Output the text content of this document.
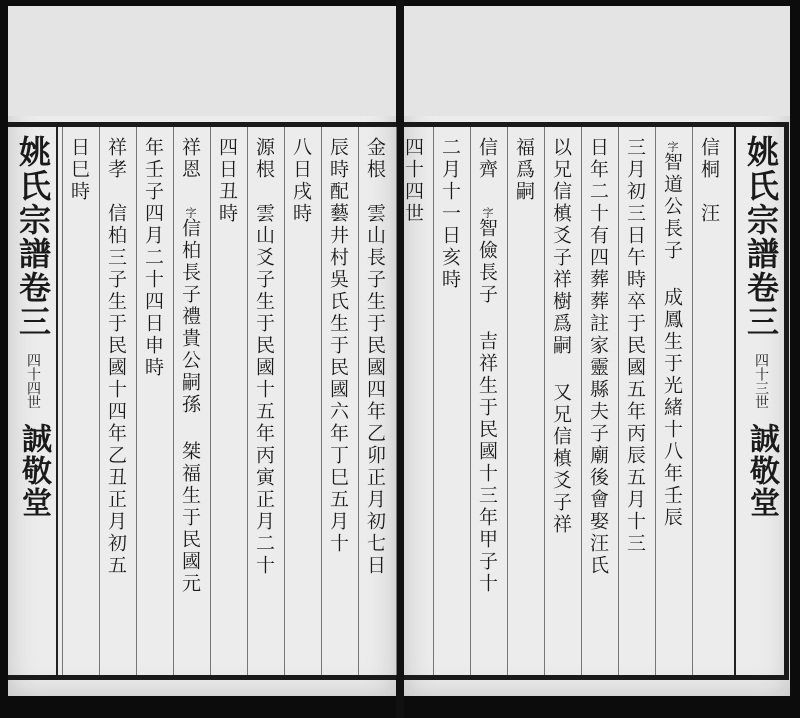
姚氏宗譜卷三四十四世誠敬堂
金根　雲山長子生于民國四年乙卯正月初七日
辰時配藝井村吳氏生于民國六年丁巳五月十
八日戌時
源根　雲山爻子生于民國十五年丙寅正月二十
四日丑時
祥恩　字信柏長子禮貴公嗣孫 桀福生于民國元
年壬子四月二十四日申時
祥孝　信柏三子生于民國十四年乙丑正月初五
日巳時	姚氏宗譜卷三四十三世誠敬堂
信桐　汪
字智道公長子 成鳳生于光緒十八年壬辰
三月初三日午時卒于民國五年丙辰五月十三
日年二十有四葬葬註家靈縣夫子廟後會娶汪氏
以兄信槙爻子祥樹爲嗣 又兄信槙爻子祥
福爲嗣
信齊　字智儉長子 吉祥生于民國十三年甲子十
二月十一日亥時
四十四世
